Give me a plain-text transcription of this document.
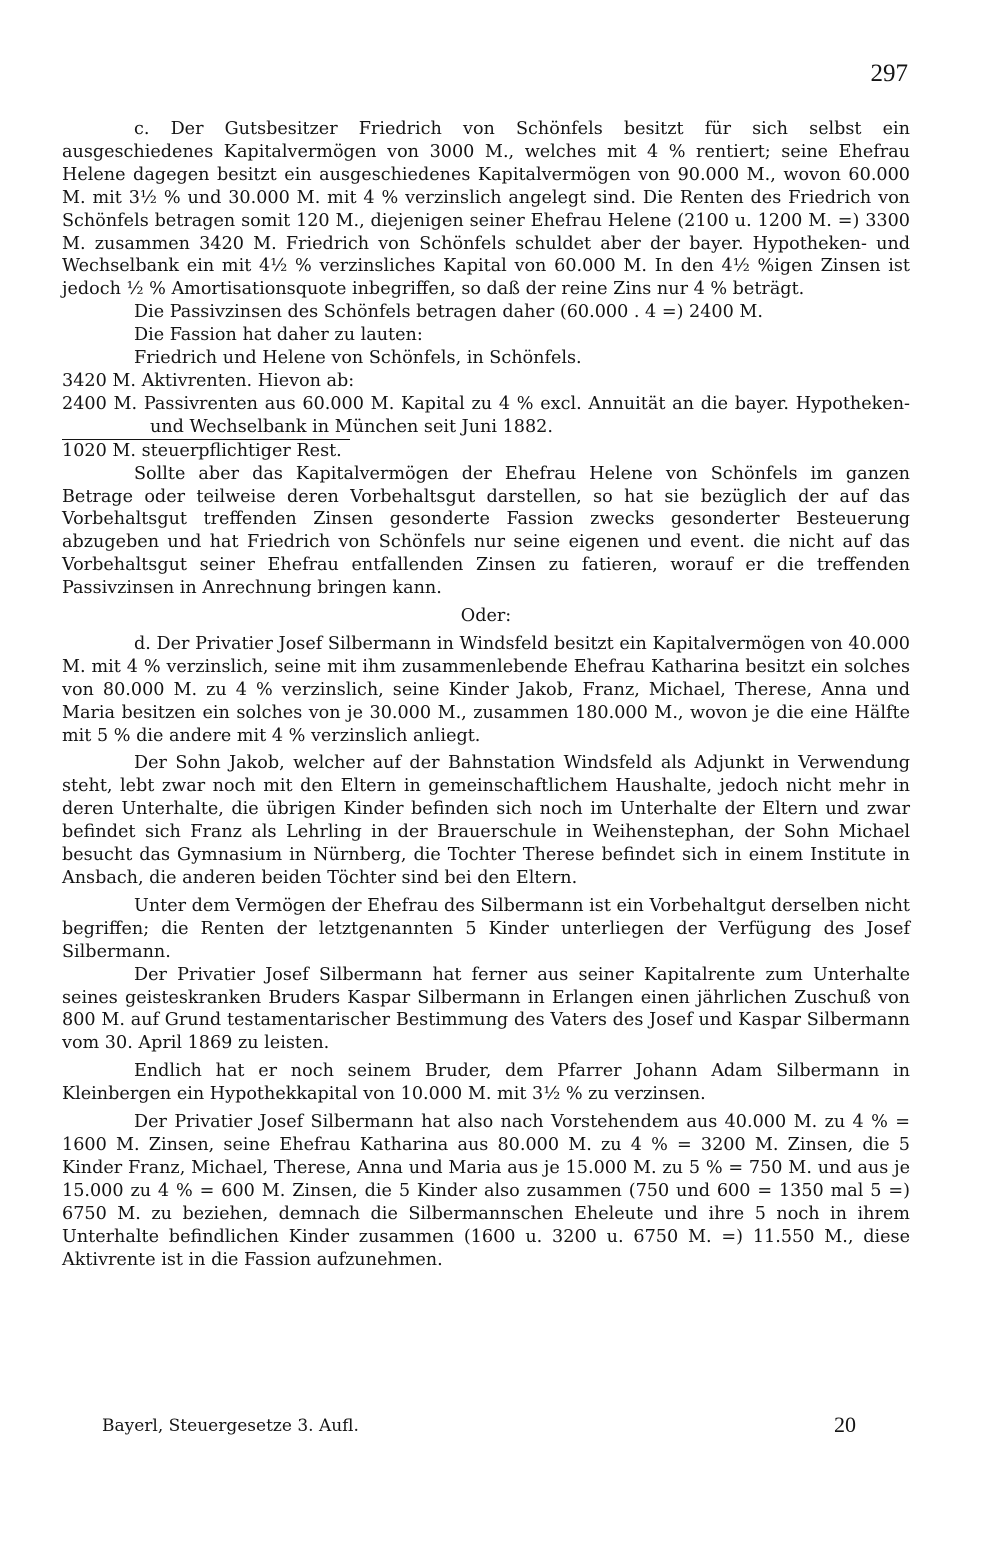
297

c. Der Gutsbesitzer Friedrich von Schönfels besitzt für sich selbst ein ausgeschiedenes Kapitalvermögen von 3000 M., welches mit 4 % rentiert; seine Ehefrau Helene dagegen besitzt ein ausgeschiedenes Kapitalvermögen von 90.000 M., wovon 60.000 M. mit 3½ % und 30.000 M. mit 4 % verzinslich angelegt sind. Die Renten des Friedrich von Schönfels betragen somit 120 M., diejenigen seiner Ehefrau Helene (2100 u. 1200 M. =) 3300 M. zusammen 3420 M. Friedrich von Schönfels schuldet aber der bayer. Hypotheken- und Wechselbank ein mit 4½ % verzinsliches Kapital von 60.000 M. In den 4½ %igen Zinsen ist jedoch ½ % Amortisationsquote inbegriffen, so daß der reine Zins nur 4 % beträgt.

Die Passivzinsen des Schönfels betragen daher (60.000 . 4 =) 2400 M.

Die Fassion hat daher zu lauten:

Friedrich und Helene von Schönfels, in Schönfels.

3420 M. Aktivrenten. Hievon ab:

2400 M. Passivrenten aus 60.000 M. Kapital zu 4 % excl. Annuität an die bayer. Hypotheken- und Wechselbank in München seit Juni 1882.

1020 M. steuerpflichtiger Rest.

Sollte aber das Kapitalvermögen der Ehefrau Helene von Schönfels im ganzen Betrage oder teilweise deren Vorbehaltsgut darstellen, so hat sie bezüglich der auf das Vorbehaltsgut treffenden Zinsen gesonderte Fassion zwecks gesonderter Besteuerung abzugeben und hat Friedrich von Schönfels nur seine eigenen und event. die nicht auf das Vorbehaltsgut seiner Ehefrau entfallenden Zinsen zu fatieren, worauf er die treffenden Passivzinsen in Anrechnung bringen kann.

Oder:

d. Der Privatier Josef Silbermann in Windsfeld besitzt ein Kapitalvermögen von 40.000 M. mit 4 % verzinslich, seine mit ihm zusammenlebende Ehefrau Katharina besitzt ein solches von 80.000 M. zu 4 % verzinslich, seine Kinder Jakob, Franz, Michael, Therese, Anna und Maria besitzen ein solches von je 30.000 M., zusammen 180.000 M., wovon je die eine Hälfte mit 5 % die andere mit 4 % verzinslich anliegt.

Der Sohn Jakob, welcher auf der Bahnstation Windsfeld als Adjunkt in Verwendung steht, lebt zwar noch mit den Eltern in gemeinschaftlichem Haushalte, jedoch nicht mehr in deren Unterhalte, die übrigen Kinder befinden sich noch im Unterhalte der Eltern und zwar befindet sich Franz als Lehrling in der Brauerschule in Weihenstephan, der Sohn Michael besucht das Gymnasium in Nürnberg, die Tochter Therese befindet sich in einem Institute in Ansbach, die anderen beiden Töchter sind bei den Eltern.

Unter dem Vermögen der Ehefrau des Silbermann ist ein Vorbehaltgut derselben nicht begriffen; die Renten der letztgenannten 5 Kinder unterliegen der Verfügung des Josef Silbermann.

Der Privatier Josef Silbermann hat ferner aus seiner Kapitalrente zum Unterhalte seines geisteskranken Bruders Kaspar Silbermann in Erlangen einen jährlichen Zuschuß von 800 M. auf Grund testamentarischer Bestimmung des Vaters des Josef und Kaspar Silbermann vom 30. April 1869 zu leisten.

Endlich hat er noch seinem Bruder, dem Pfarrer Johann Adam Silbermann in Kleinbergen ein Hypothekkapital von 10.000 M. mit 3½ % zu verzinsen.

Der Privatier Josef Silbermann hat also nach Vorstehendem aus 40.000 M. zu 4 % = 1600 M. Zinsen, seine Ehefrau Katharina aus 80.000 M. zu 4 % = 3200 M. Zinsen, die 5 Kinder Franz, Michael, Therese, Anna und Maria aus je 15.000 M. zu 5 % = 750 M. und aus je 15.000 zu 4 % = 600 M. Zinsen, die 5 Kinder also zusammen (750 und 600 = 1350 mal 5 =) 6750 M. zu beziehen, demnach die Silbermannschen Eheleute und ihre 5 noch in ihrem Unterhalte befindlichen Kinder zusammen (1600 u. 3200 u. 6750 M. =) 11.550 M., diese Aktivrente ist in die Fassion aufzunehmen.

Bayerl, Steuergesetze 3. Aufl.	20
